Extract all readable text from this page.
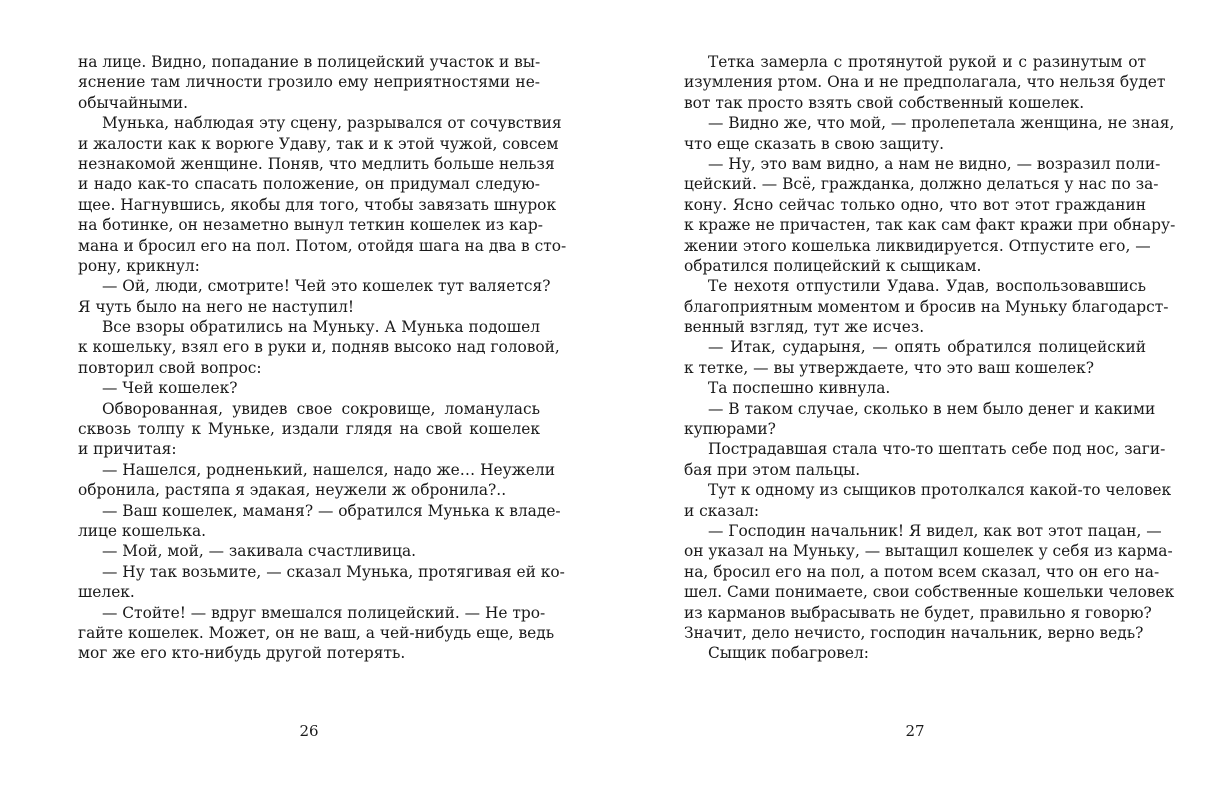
на лице. Видно, попадание в полицейский участок и вы-
яснение там личности грозило ему неприятностями не-
обычайными.
Мунька, наблюдая эту сцену, разрывался от сочувствия
и жалости как к ворюге Удаву, так и к этой чужой, совсем
незнакомой женщине. Поняв, что медлить больше нельзя
и надо как-то спасать положение, он придумал следую-
щее. Нагнувшись, якобы для того, чтобы завязать шнурок
на ботинке, он незаметно вынул теткин кошелек из кар-
мана и бросил его на пол. Потом, отойдя шага на два в сто-
рону, крикнул:
— Ой, люди, смотрите! Чей это кошелек тут валяется?
Я чуть было на него не наступил!
Все взоры обратились на Муньку. А Мунька подошел
к кошельку, взял его в руки и, подняв высоко над головой,
повторил свой вопрос:
— Чей кошелек?
Обворованная, увидев свое сокровище, ломанулась
сквозь толпу к Муньке, издали глядя на свой кошелек
и причитая:
— Нашелся, родненький, нашелся, надо же… Неужели
обронила, растяпа я эдакая, неужели ж обронила?..
— Ваш кошелек, маманя? — обратился Мунька к владе-
лице кошелька.
— Мой, мой, — закивала счастливица.
— Ну так возьмите, — сказал Мунька, протягивая ей ко-
шелек.
— Стойте! — вдруг вмешался полицейский. — Не тро-
гайте кошелек. Может, он не ваш, а чей-нибудь еще, ведь
мог же его кто-нибудь другой потерять.
26
Тетка замерла с протянутой рукой и с разинутым от
изумления ртом. Она и не предполагала, что нельзя будет
вот так просто взять свой собственный кошелек.
— Видно же, что мой, — пролепетала женщина, не зная,
что еще сказать в свою защиту.
— Ну, это вам видно, а нам не видно, — возразил поли-
цейский. — Всё, гражданка, должно делаться у нас по за-
кону. Ясно сейчас только одно, что вот этот гражданин
к краже не причастен, так как сам факт кражи при обнару-
жении этого кошелька ликвидируется. Отпустите его, —
обратился полицейский к сыщикам.
Те нехотя отпустили Удава. Удав, воспользовавшись
благоприятным моментом и бросив на Муньку благодарст-
венный взгляд, тут же исчез.
— Итак, сударыня, — опять обратился полицейский
к тетке, — вы утверждаете, что это ваш кошелек?
Та поспешно кивнула.
— В таком случае, сколько в нем было денег и какими
купюрами?
Пострадавшая стала что-то шептать себе под нос, заги-
бая при этом пальцы.
Тут к одному из сыщиков протолкался какой-то человек
и сказал:
— Господин начальник! Я видел, как вот этот пацан, —
он указал на Муньку, — вытащил кошелек у себя из карма-
на, бросил его на пол, а потом всем сказал, что он его на-
шел. Сами понимаете, свои собственные кошельки человек
из карманов выбрасывать не будет, правильно я говорю?
Значит, дело нечисто, господин начальник, верно ведь?
Сыщик побагровел:
27
